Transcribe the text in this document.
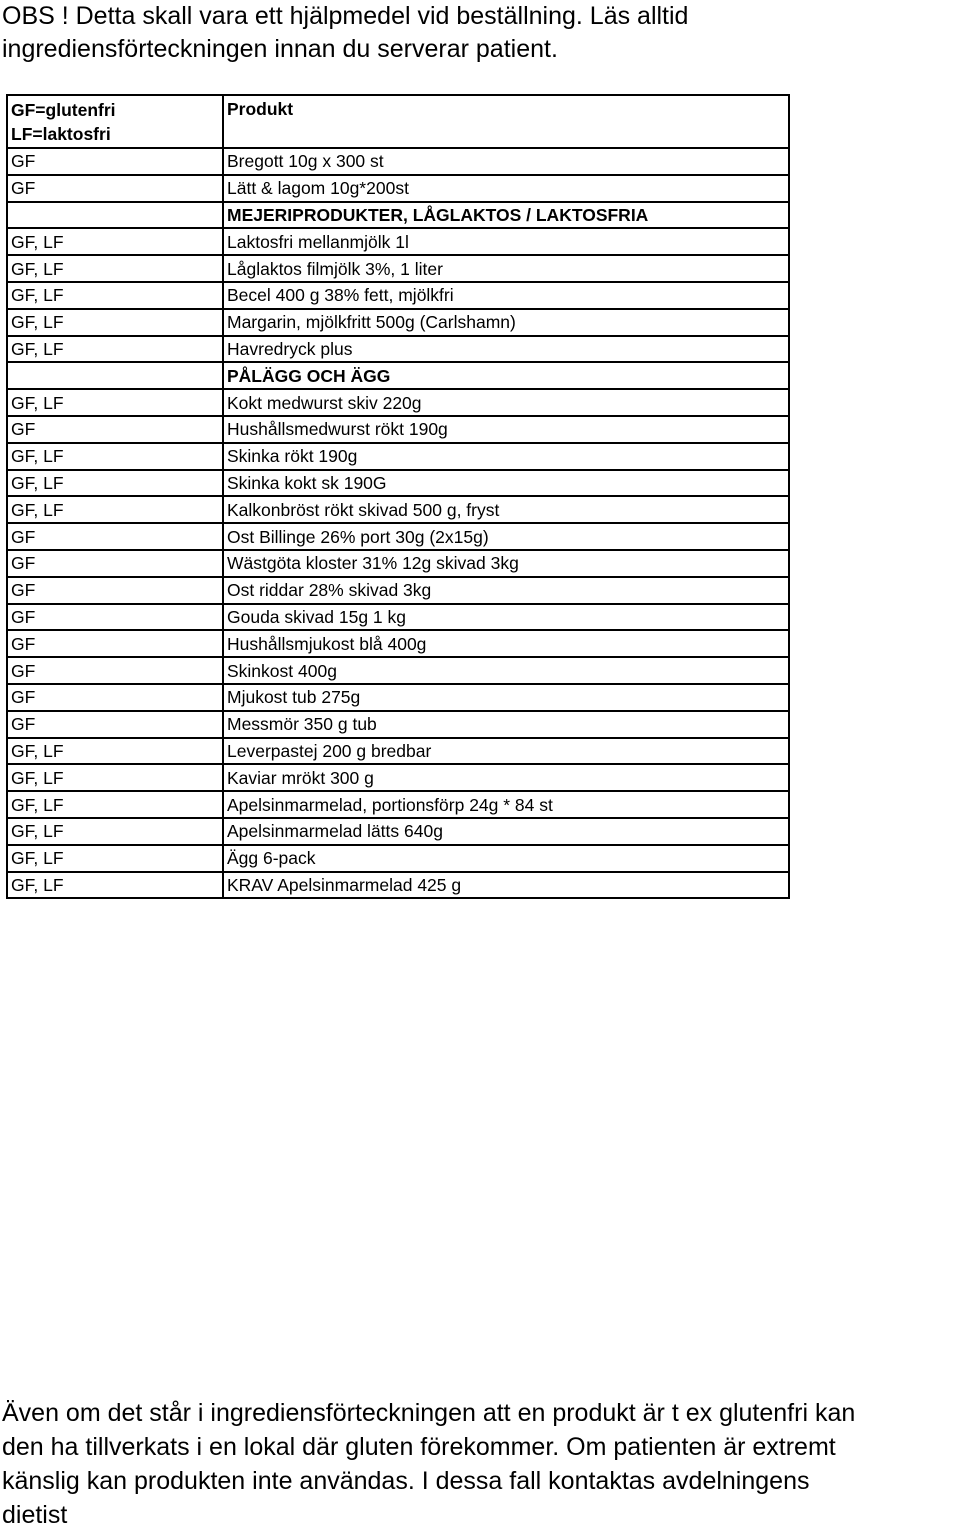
OBS ! Detta skall vara ett hjälpmedel vid beställning. Läs alltid
ingrediensförteckningen innan du serverar patient.

GF=glutenfri
LF=laktosfri	Produkt
GF	Bregott 10g x 300 st
GF	Lätt & lagom 10g*200st
	MEJERIPRODUKTER, LÅGLAKTOS / LAKTOSFRIA
GF, LF	Laktosfri mellanmjölk 1l
GF, LF	Låglaktos filmjölk 3%, 1 liter
GF, LF	Becel 400 g 38% fett, mjölkfri
GF, LF	Margarin, mjölkfritt 500g (Carlshamn)
GF, LF	Havredryck plus
	PÅLÄGG OCH ÄGG
GF, LF	Kokt medwurst skiv 220g
GF	Hushållsmedwurst rökt 190g
GF, LF	Skinka rökt 190g
GF, LF	Skinka kokt sk 190G
GF, LF	Kalkonbröst rökt skivad 500 g, fryst
GF	Ost Billinge 26% port 30g (2x15g)
GF	Wästgöta kloster 31% 12g skivad 3kg
GF	Ost riddar 28% skivad 3kg
GF	Gouda skivad 15g 1 kg
GF	Hushållsmjukost blå 400g
GF	Skinkost 400g
GF	Mjukost tub 275g
GF	Messmör 350 g tub
GF, LF	Leverpastej 200 g bredbar
GF, LF	Kaviar mrökt 300 g
GF, LF	Apelsinmarmelad, portionsförp 24g * 84 st
GF, LF	Apelsinmarmelad lätts 640g
GF, LF	Ägg 6-pack
GF, LF	KRAV Apelsinmarmelad 425 g

Även om det står i ingrediensförteckningen att en produkt är t ex glutenfri kan
den ha tillverkats i en lokal där gluten förekommer. Om patienten är extremt
känslig kan produkten inte användas. I dessa fall kontaktas avdelningens
dietist
